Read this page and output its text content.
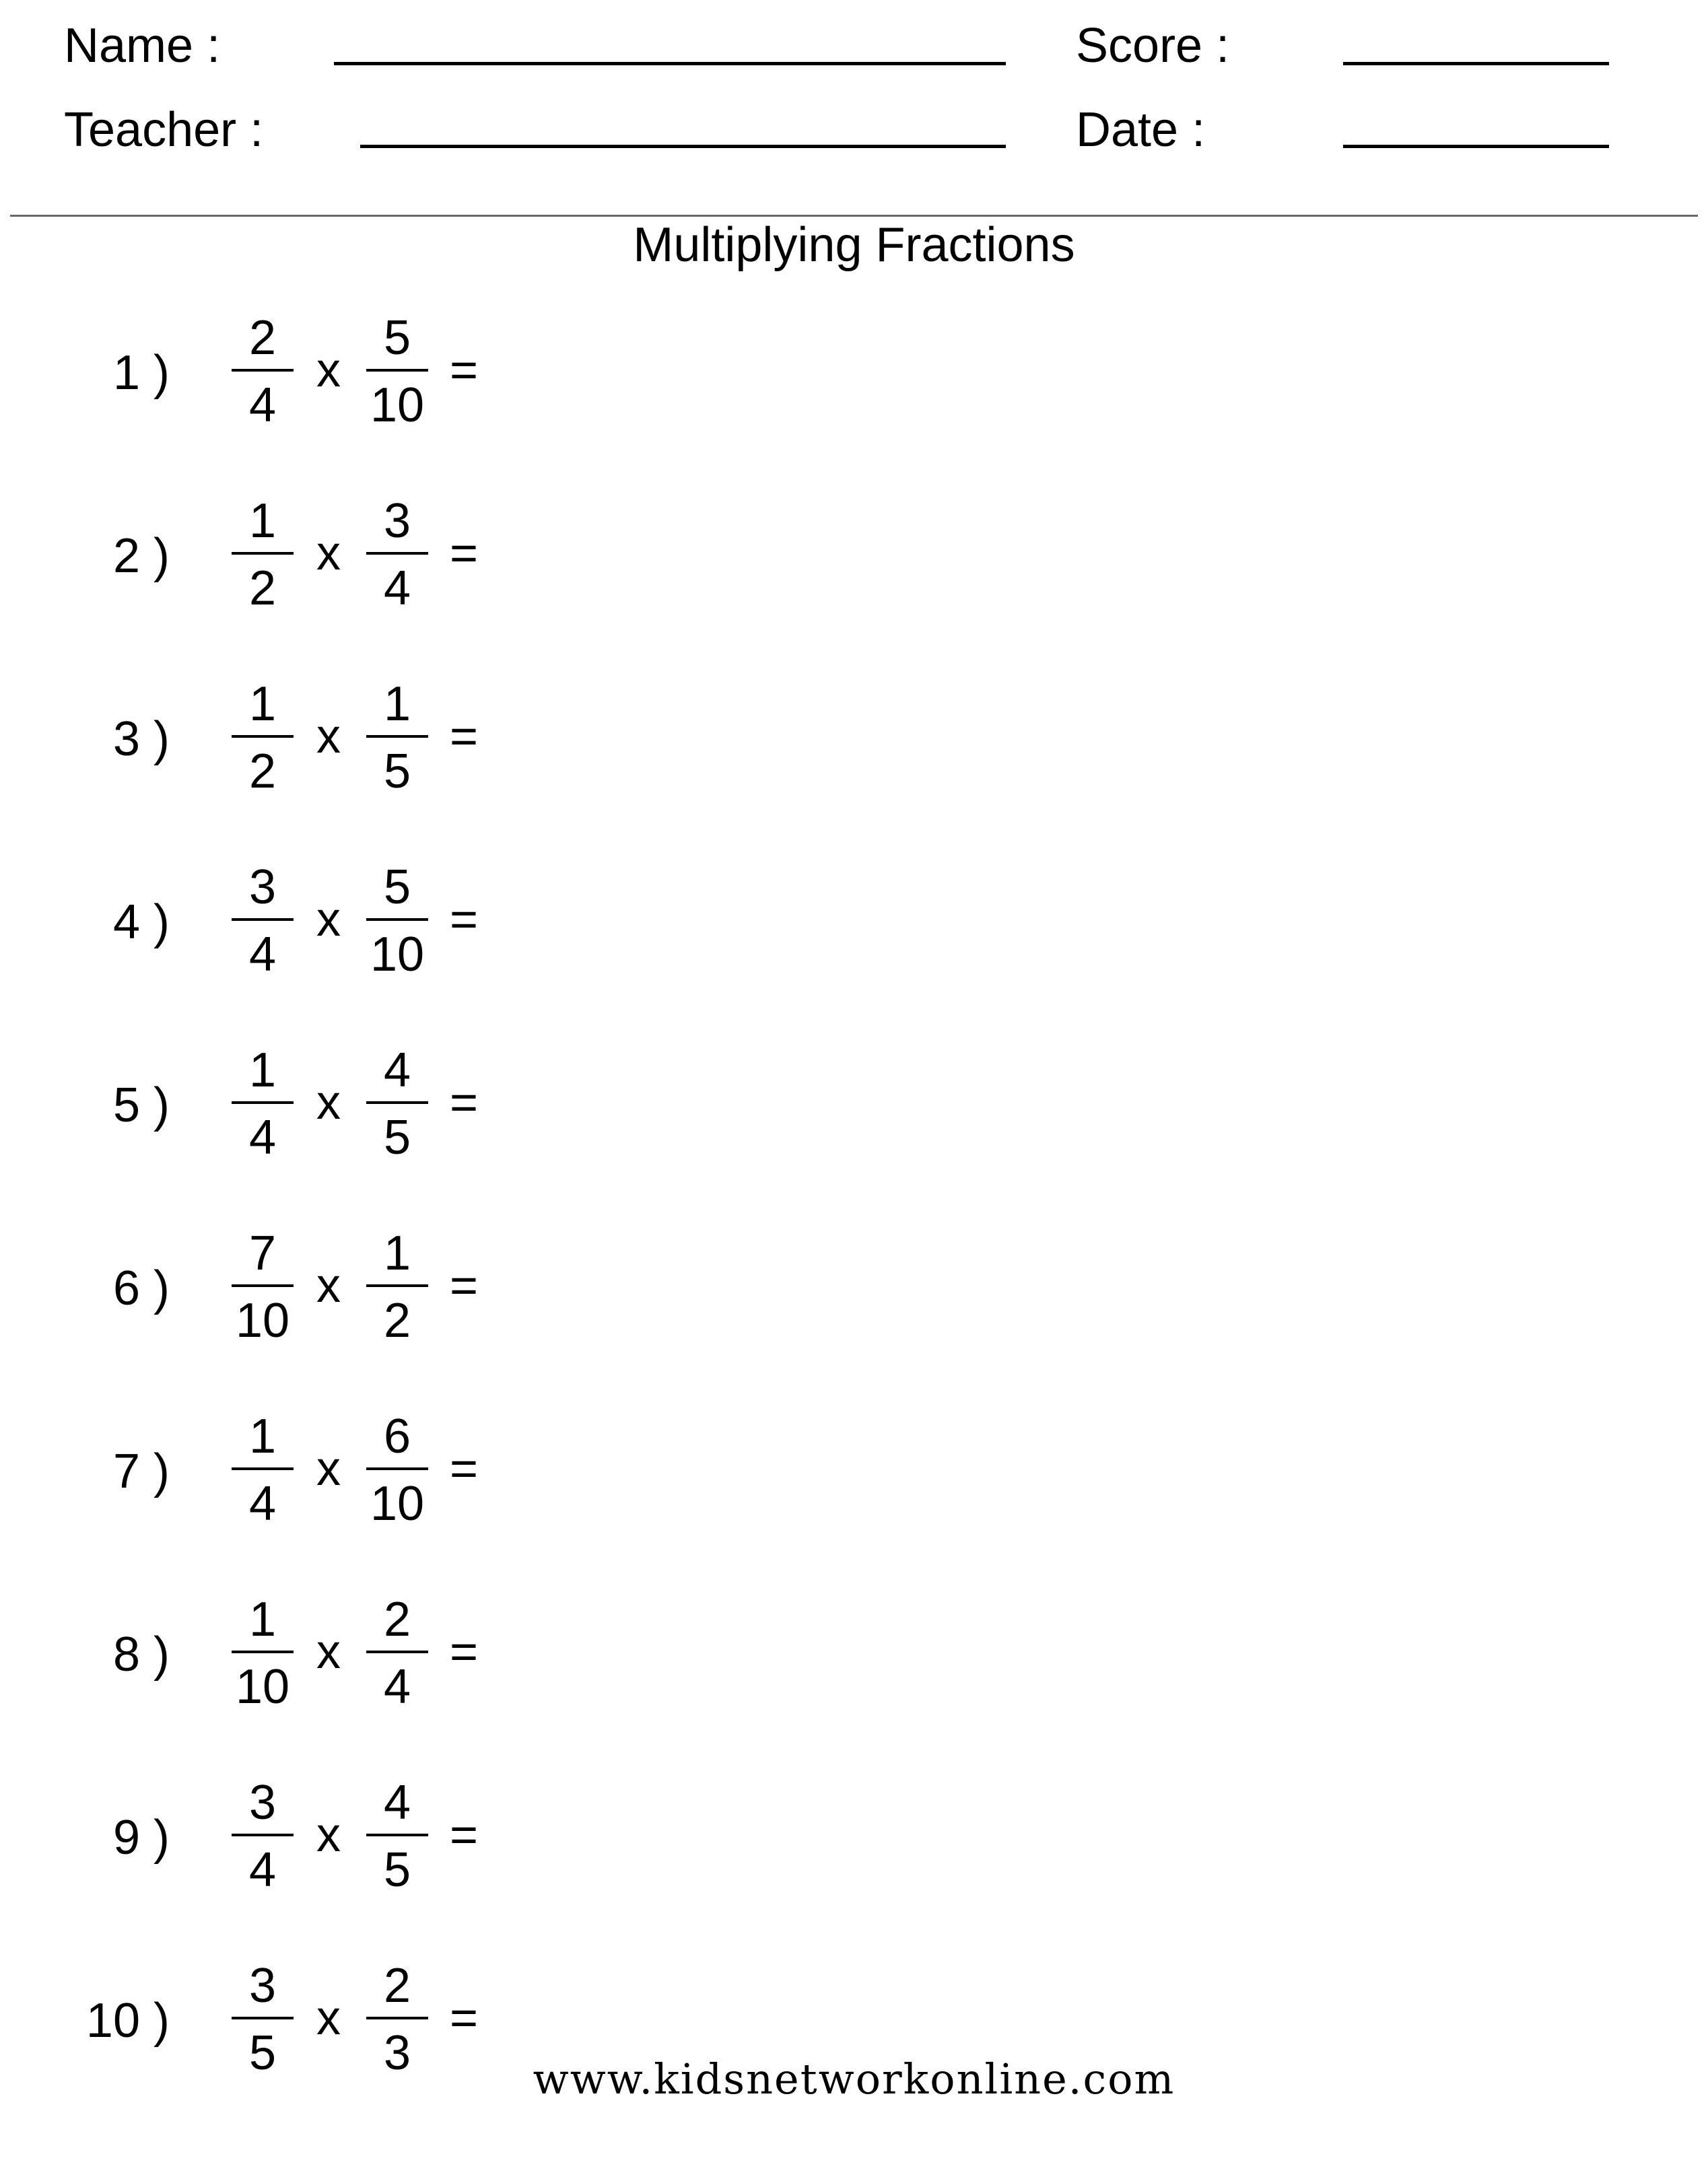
Name :
Teacher :
Score :
Date :
Multiplying Fractions
1 )
2
4
x
5
10
=
2 )
1
2
x
3
4
=
3 )
1
2
x
1
5
=
4 )
3
4
x
5
10
=
5 )
1
4
x
4
5
=
6 )
7
10
x
1
2
=
7 )
1
4
x
6
10
=
8 )
1
10
x
2
4
=
9 )
3
4
x
4
5
=
10 )
3
5
x
2
3
=
www.kidsnetworkonline.com
